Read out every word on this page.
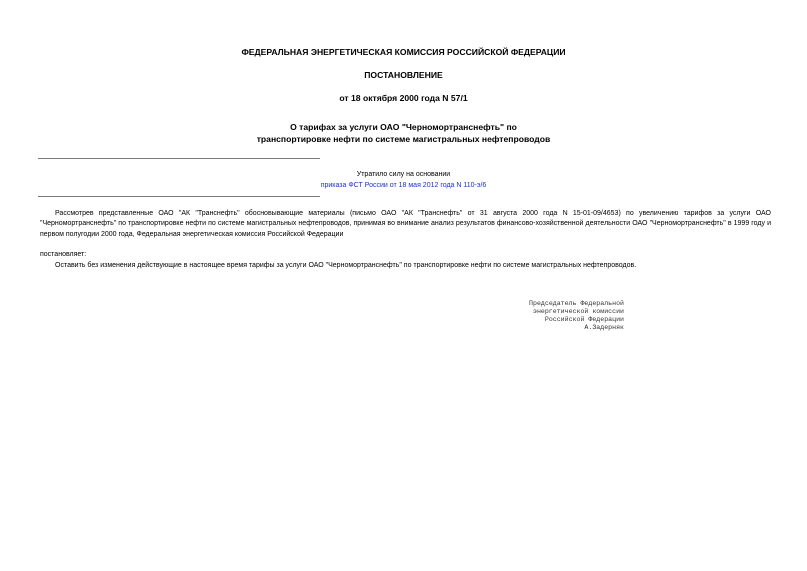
ФЕДЕРАЛЬНАЯ ЭНЕРГЕТИЧЕСКАЯ КОМИССИЯ РОССИЙСКОЙ ФЕДЕРАЦИИ
ПОСТАНОВЛЕНИЕ
от 18 октября 2000 года N 57/1
О тарифах за услуги ОАО "Черномортранснефть" по
транспортировке нефти по системе магистральных нефтепроводов
Утратило силу на основании
приказа ФСТ России от 18 мая 2012 года N 110-э/6
Рассмотрев представленные ОАО "АК "Транснефть" обосновывающие материалы (письмо ОАО "АК "Транснефть" от 31 августа 2000 года N 15-01-09/4653) по увеличению тарифов за услуги ОАО "Черномортранснефть" по транспортировке нефти по системе магистральных нефтепроводов, принимая во внимание анализ результатов финансово-хозяйственной деятельности ОАО "Черномортранснефть" в 1999 году и первом полугодии 2000 года, Федеральная энергетическая комиссия Российской Федерации
постановляет:
Оставить без изменения действующие в настоящее время тарифы за услуги ОАО "Черномортранснефть" по транспортировке нефти по системе магистральных нефтепроводов.
Председатель Федеральной
энергетической комиссии
Российской Федерации
А.Задерняк
